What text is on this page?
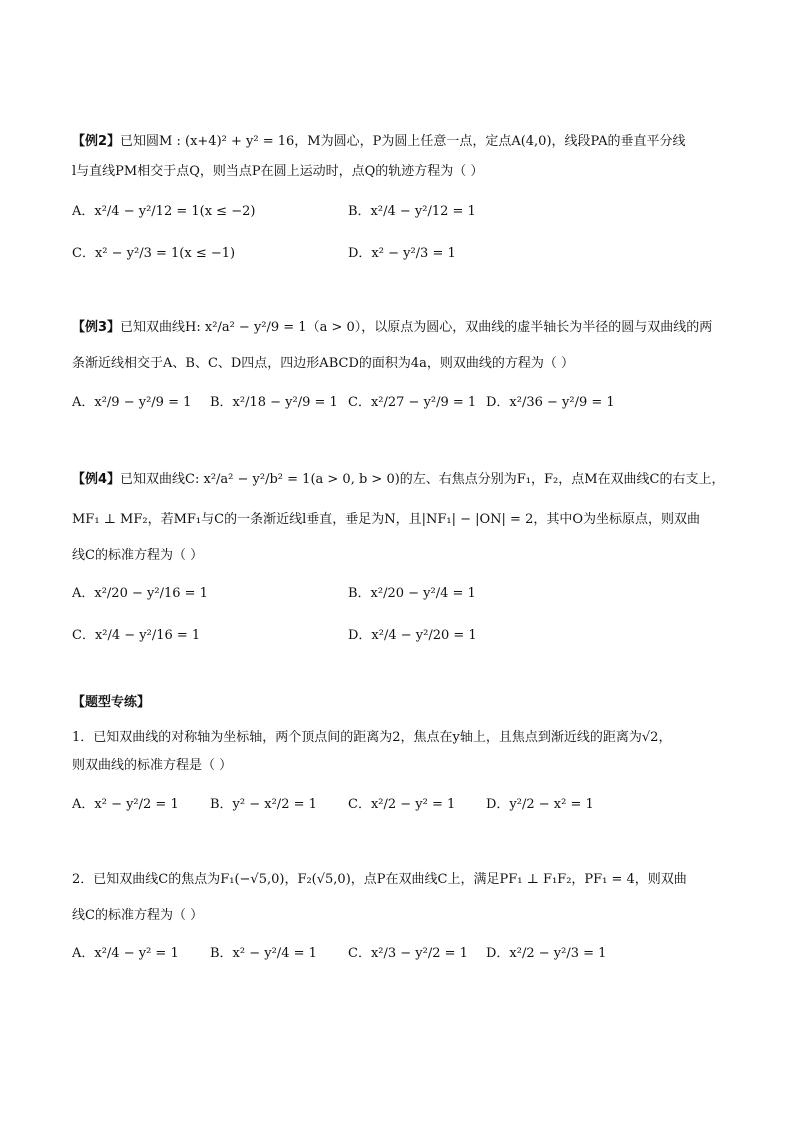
【例2】已知圆M : (x+4)² + y² = 16，M为圆心，P为圆上任意一点，定点A(4,0)，线段PA的垂直平分线
l与直线PM相交于点Q，则当点P在圆上运动时，点Q的轨迹方程为（ ）
A．x²/4 − y²/12 = 1(x ≤ −2)	B．x²/4 − y²/12 = 1
C．x² − y²/3 = 1(x ≤ −1)	D．x² − y²/3 = 1
【例3】已知双曲线H: x²/a² − y²/9 = 1（a > 0），以原点为圆心，双曲线的虚半轴长为半径的圆与双曲线的两
条渐近线相交于A、B、C、D四点，四边形ABCD的面积为4a，则双曲线的方程为（ ）
A．x²/9 − y²/9 = 1 B．x²/18 − y²/9 = 1 C．x²/27 − y²/9 = 1 D．x²/36 − y²/9 = 1
【例4】已知双曲线C: x²/a² − y²/b² = 1(a > 0, b > 0)的左、右焦点分别为F₁，F₂，点M在双曲线C的右支上，
MF₁ ⊥ MF₂，若MF₁与C的一条渐近线l垂直，垂足为N，且|NF₁| − |ON| = 2，其中O为坐标原点，则双曲
线C的标准方程为（ ）
A．x²/20 − y²/16 = 1	B．x²/20 − y²/4 = 1
C．x²/4 − y²/16 = 1	D．x²/4 − y²/20 = 1
【题型专练】
1．已知双曲线的对称轴为坐标轴，两个顶点间的距离为2，焦点在y轴上，且焦点到渐近线的距离为√2，
则双曲线的标准方程是（ ）
A．x² − y²/2 = 1 B．y² − x²/2 = 1 C．x²/2 − y² = 1 D．y²/2 − x² = 1
2．已知双曲线C的焦点为F₁(−√5,0)，F₂(√5,0)，点P在双曲线C上，满足PF₁ ⊥ F₁F₂，PF₁ = 4，则双曲
线C的标准方程为（ ）
A．x²/4 − y² = 1 B．x² − y²/4 = 1 C．x²/3 − y²/2 = 1 D．x²/2 − y²/3 = 1
